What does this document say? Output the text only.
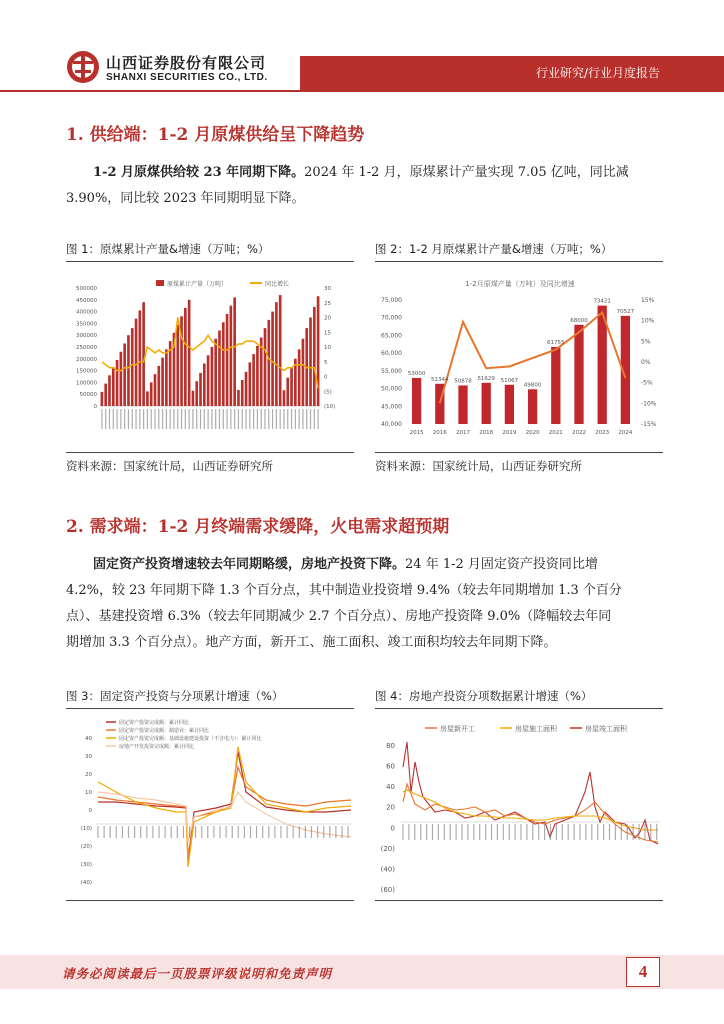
山西证券股份有限公司
SHANXI SECURITIES CO., LTD.	行业研究/行业月度报告
1. 供给端：1-2 月原煤供给呈下降趋势
1-2 月原煤供给较 23 年同期下降。2024 年 1-2 月，原煤累计产量实现 7.05 亿吨，同比减
3.90%，同比较 2023 年同期明显下降。
图 1：原煤累计产量&增速（万吨；%）	图 2：1-2 月原煤累计产量&增速（万吨；%）
原煤累计产量（万吨）	同比增长
500000
450000
400000
350000
300000
250000
200000
150000
100000
50000
0
30
25
20
15
10
5
0
(5)
(10)
1-2月原煤产量（万吨）及同比增速
75,000
70,000
65,000
60,000
55,000
50,000
45,000
40,000
15%
10%
5%
0%
-5%
-10%
-15%
53000
51344 50878 51629 51067
49800
61755
68000
73421
70527
2015 2016 2017 2018 2019 2020 2021 2022 2023 2024
资料来源：国家统计局，山西证券研究所	资料来源：国家统计局，山西证券研究所
2. 需求端：1-2 月终端需求缓降，火电需求超预期
固定资产投资增速较去年同期略缓，房地产投资下降。24 年 1-2 月固定资产投资同比增
4.2%，较 23 年同期下降 1.3 个百分点，其中制造业投资增 9.4%（较去年同期增加 1.3 个百分
点）、基建投资增 6.3%（较去年同期减少 2.7 个百分点）、房地产投资降 9.0%（降幅较去年同
期增加 3.3 个百分点）。地产方面，新开工、施工面积、竣工面积均较去年同期下降。
图 3：固定资产投资与分项累计增速（%）	图 4：房地产投资分项数据累计增速（%）
固定资产投资完成额：累计同比
固定资产投资完成额：制造业：累计同比
固定资产投资完成额：基础设施建设投资（不含电力）：累计同比
房地产开发投资完成额：累计同比
40
30
20
10
0
(10)
(20)
(30)
(40)
房屋新开工	房屋施工面积	房屋竣工面积
80
60
40
20
0
(20)
(40)
(60)
请务必阅读最后一页股票评级说明和免责声明	4
